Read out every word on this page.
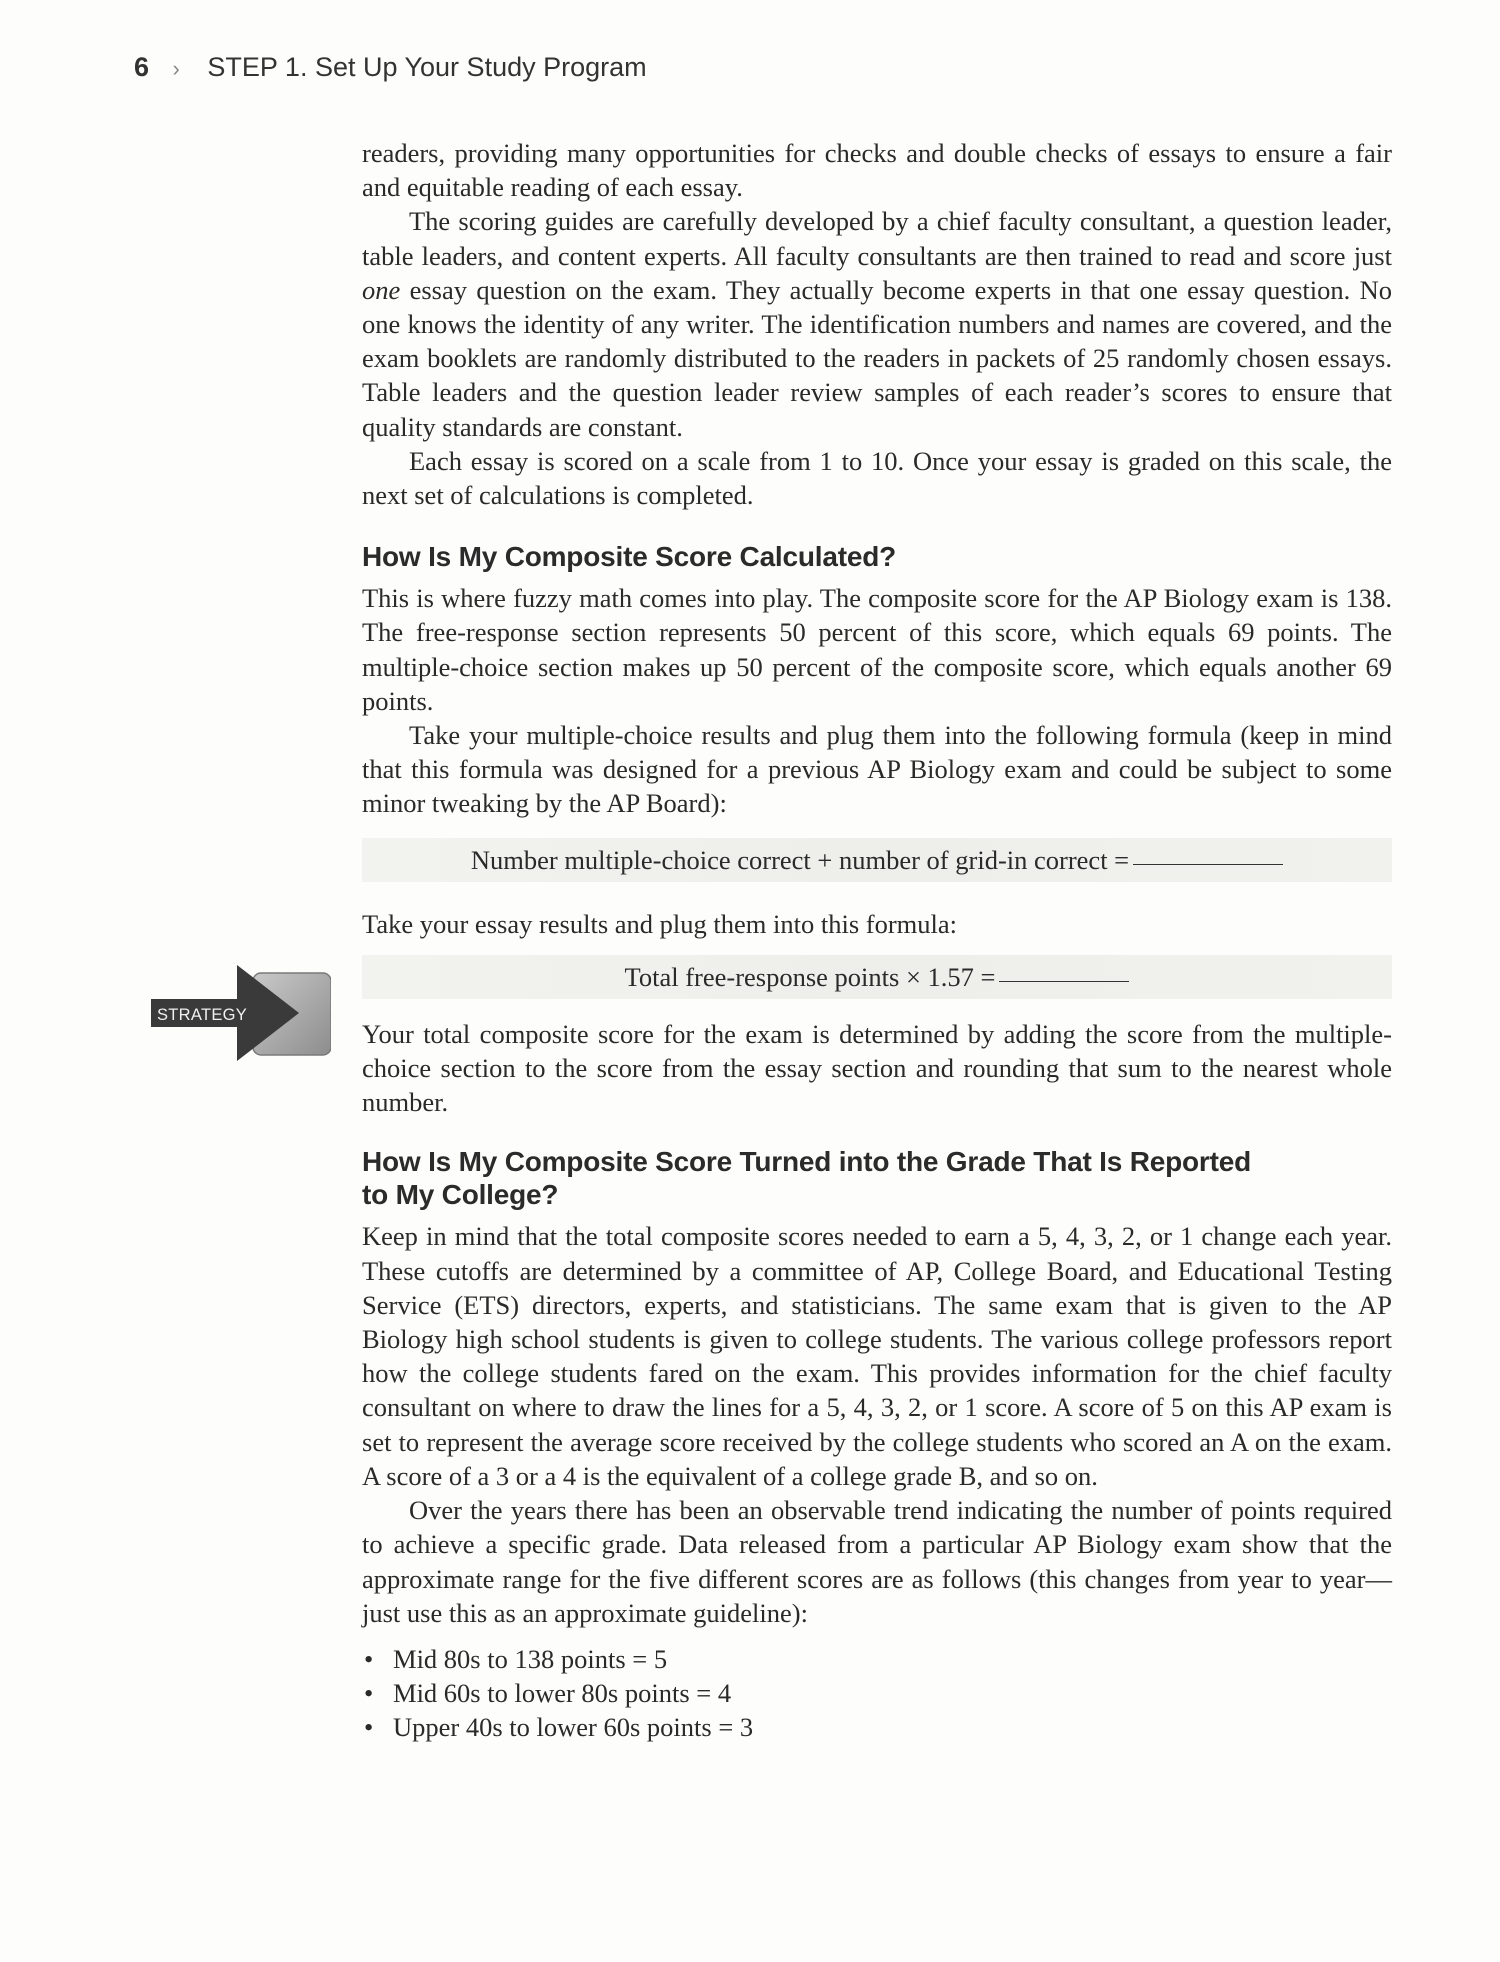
6 › STEP 1. Set Up Your Study Program
STRATEGY

readers, providing many opportunities for checks and double checks of essays to ensure a fair and equitable reading of each essay.

The scoring guides are carefully developed by a chief faculty consultant, a question leader, table leaders, and content experts. All faculty consultants are then trained to read and score just one essay question on the exam. They actually become experts in that one essay question. No one knows the identity of any writer. The identification numbers and names are covered, and the exam booklets are randomly distributed to the readers in packets of 25 randomly chosen essays. Table leaders and the question leader review samples of each reader’s scores to ensure that quality standards are constant.

Each essay is scored on a scale from 1 to 10. Once your essay is graded on this scale, the next set of calculations is completed.

How Is My Composite Score Calculated?

This is where fuzzy math comes into play. The composite score for the AP Biology exam is 138. The free-response section represents 50 percent of this score, which equals 69 points. The multiple-choice section makes up 50 percent of the composite score, which equals another 69 points.

Take your multiple-choice results and plug them into the following formula (keep in mind that this formula was designed for a previous AP Biology exam and could be subject to some minor tweaking by the AP Board):

Number multiple-choice correct + number of grid-in correct =

Take your essay results and plug them into this formula:

Total free-response points × 1.57 =

Your total composite score for the exam is determined by adding the score from the multiple-choice section to the score from the essay section and rounding that sum to the nearest whole number.

How Is My Composite Score Turned into the Grade That Is Reported to My College?

Keep in mind that the total composite scores needed to earn a 5, 4, 3, 2, or 1 change each year. These cutoffs are determined by a committee of AP, College Board, and Educational Testing Service (ETS) directors, experts, and statisticians. The same exam that is given to the AP Biology high school students is given to college students. The various college professors report how the college students fared on the exam. This provides information for the chief faculty consultant on where to draw the lines for a 5, 4, 3, 2, or 1 score. A score of 5 on this AP exam is set to represent the average score received by the college students who scored an A on the exam. A score of a 3 or a 4 is the equivalent of a college grade B, and so on.

Over the years there has been an observable trend indicating the number of points required to achieve a specific grade. Data released from a particular AP Biology exam show that the approximate range for the five different scores are as follows (this changes from year to year—just use this as an approximate guideline):

• Mid 80s to 138 points = 5
• Mid 60s to lower 80s points = 4
• Upper 40s to lower 60s points = 3
